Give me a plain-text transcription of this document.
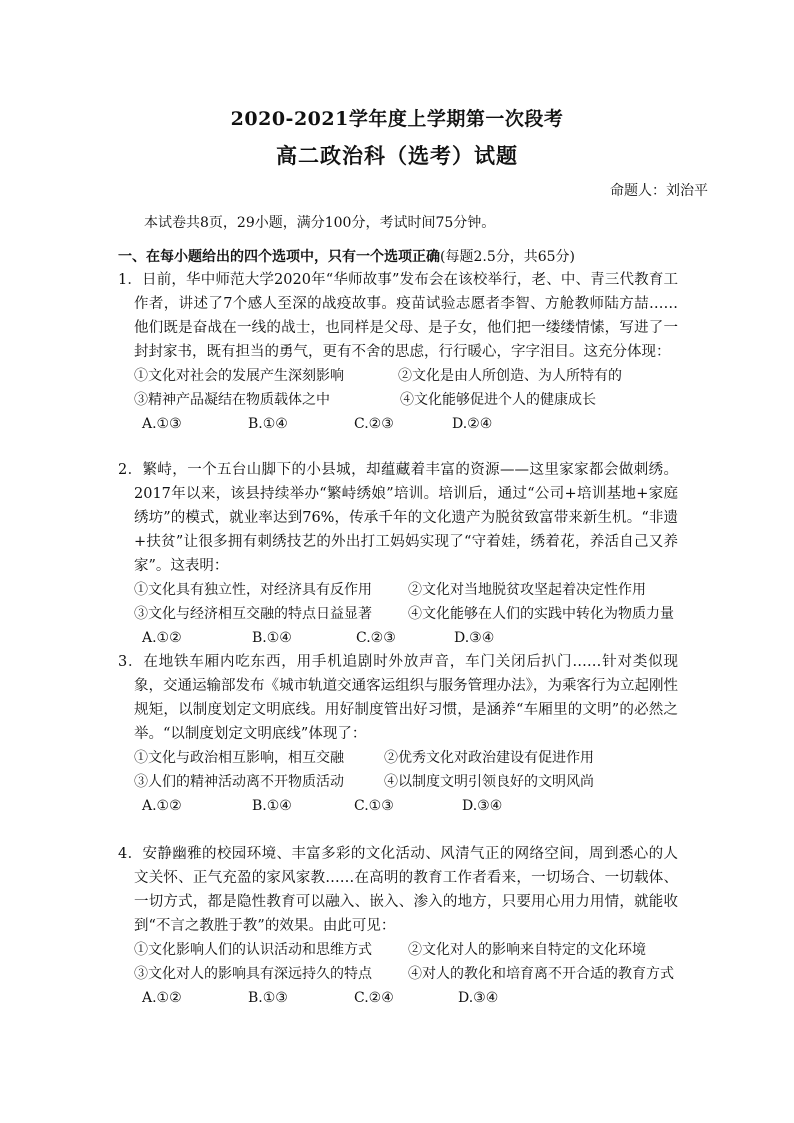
2020-2021学年度上学期第一次段考
高二政治科（选考）试题
命题人：刘治平
本试卷共8页，29小题，满分100分，考试时间75分钟。
一、在每小题给出的四个选项中，只有一个选项正确(每题2.5分，共65分)
1．日前，华中师范大学2020年“华师故事”发布会在该校举行，老、中、青三代教育工作者，讲述了7个感人至深的战疫故事。疫苗试验志愿者李智、方舱教师陆方喆……他们既是奋战在一线的战士，也同样是父母、是子女，他们把一缕缕情愫，写进了一封封家书，既有担当的勇气，更有不舍的思虑，行行暖心，字字泪目。这充分体现：
①文化对社会的发展产生深刻影响	②文化是由人所创造、为人所特有的
③精神产品凝结在物质载体之中	④文化能够促进个人的健康成长
A.①③	B.①④	C.②③	D.②④
2．繁峙，一个五台山脚下的小县城，却蕴藏着丰富的资源——这里家家都会做刺绣。2017年以来，该县持续举办“繁峙绣娘”培训。培训后，通过“公司+培训基地+家庭绣坊”的模式，就业率达到76%，传承千年的文化遗产为脱贫致富带来新生机。“非遗+扶贫”让很多拥有刺绣技艺的外出打工妈妈实现了“守着娃，绣着花，养活自己又养家”。这表明：
①文化具有独立性，对经济具有反作用	②文化对当地脱贫攻坚起着决定性作用
③文化与经济相互交融的特点日益显著	④文化能够在人们的实践中转化为物质力量
A.①②	B.①④	C.②③	D.③④
3．在地铁车厢内吃东西，用手机追剧时外放声音，车门关闭后扒门……针对类似现象，交通运输部发布《城市轨道交通客运组织与服务管理办法》，为乘客行为立起刚性规矩，以制度划定文明底线。用好制度管出好习惯，是涵养“车厢里的文明”的必然之举。“以制度划定文明底线”体现了：
①文化与政治相互影响，相互交融	②优秀文化对政治建设有促进作用
③人们的精神活动离不开物质活动	④以制度文明引领良好的文明风尚
A.①②	B.①④	C.①③	D.③④
4．安静幽雅的校园环境、丰富多彩的文化活动、风清气正的网络空间，周到悉心的人文关怀、正气充盈的家风家教……在高明的教育工作者看来，一切场合、一切载体、一切方式，都是隐性教育可以融入、嵌入、渗入的地方，只要用心用力用情，就能收到“不言之教胜于教”的效果。由此可见：
①文化影响人们的认识活动和思维方式	②文化对人的影响来自特定的文化环境
③文化对人的影响具有深远持久的特点	④对人的教化和培育离不开合适的教育方式
A.①②	B.①③	C.②④	D.③④
